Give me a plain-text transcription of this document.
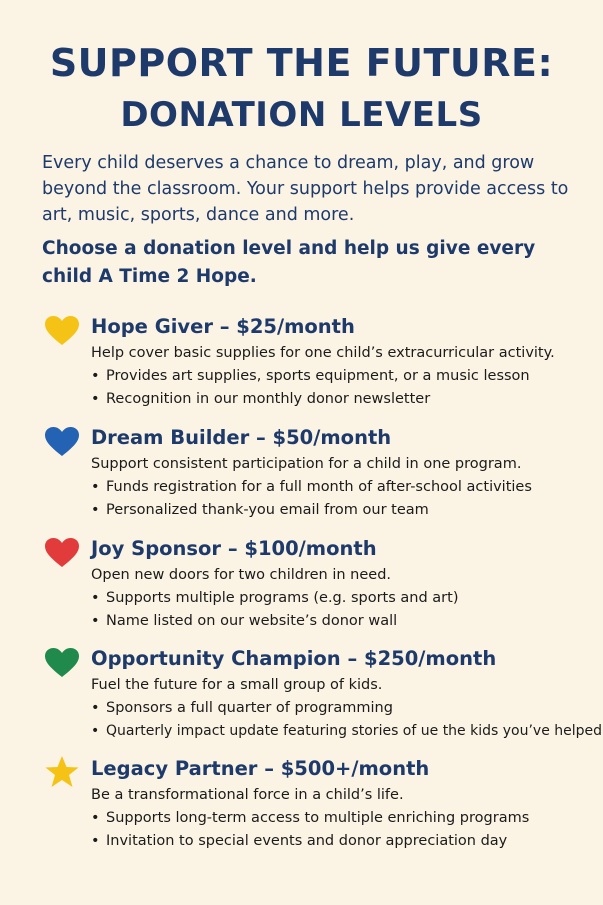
SUPPORT THE FUTURE:
DONATION LEVELS
Every child deserves a chance to dream, play, and grow beyond the classroom. Your support helps provide access to art, music, sports, dance and more.
Choose a donation level and help us give every child A Time 2 Hope.
Hope Giver – $25/month
Help cover basic supplies for one child’s extracurricular activity.
• Provides art supplies, sports equipment, or a music lesson
• Recognition in our monthly donor newsletter
Dream Builder – $50/month
Support consistent participation for a child in one program.
• Funds registration for a full month of after-school activities
• Personalized thank-you email from our team
Joy Sponsor – $100/month
Open new doors for two children in need.
• Supports multiple programs (e.g. sports and art)
• Name listed on our website’s donor wall
Opportunity Champion – $250/month
Fuel the future for a small group of kids.
• Sponsors a full quarter of programming
• Quarterly impact update featuring stories of ue the kids you’ve helped
Legacy Partner – $500+/month
Be a transformational force in a child’s life.
• Supports long-term access to multiple enriching programs
• Invitation to special events and donor appreciation day
